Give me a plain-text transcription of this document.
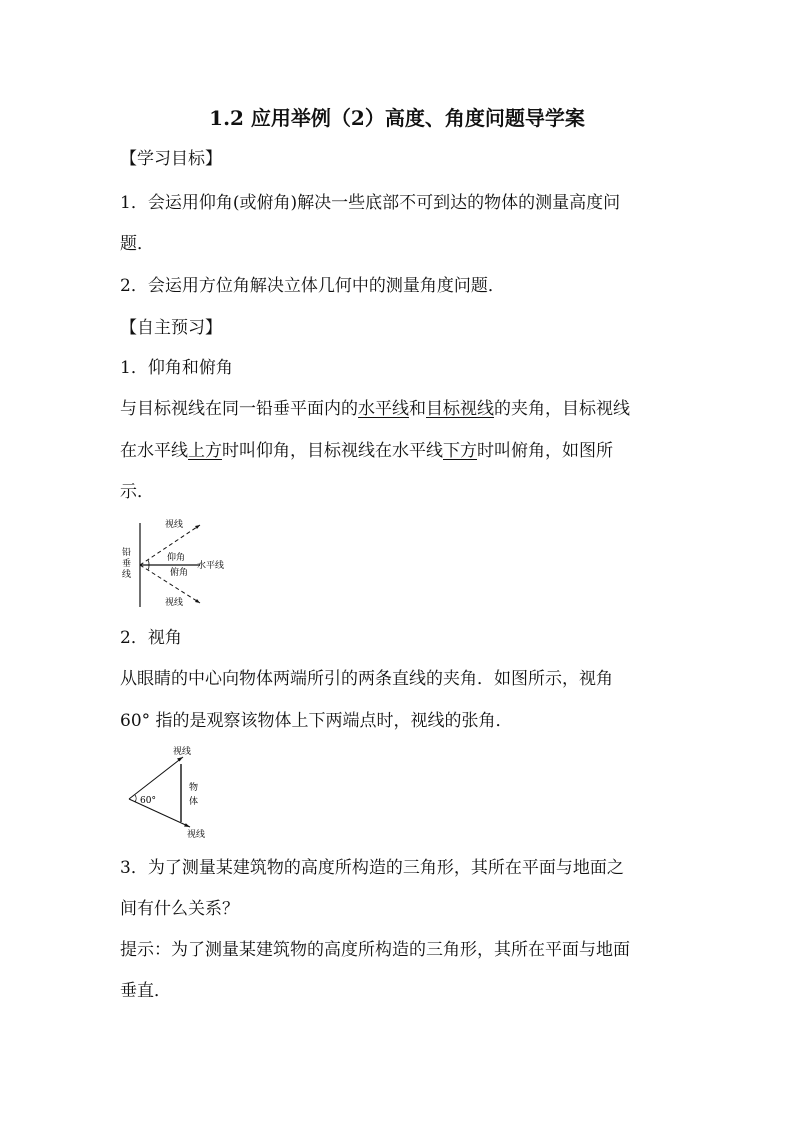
1.2 应用举例（2）高度、角度问题导学案
【学习目标】
1．会运用仰角(或俯角)解决一些底部不可到达的物体的测量高度问
题．
2．会运用方位角解决立体几何中的测量角度问题．
【自主预习】
1．仰角和俯角
与目标视线在同一铅垂平面内的水平线和目标视线的夹角，目标视线
在水平线上方时叫仰角，目标视线在水平线下方时叫俯角，如图所
示．
铅
垂
线
视线
仰角
俯角
水平线
视线
2．视角
从眼睛的中心向物体两端所引的两条直线的夹角．如图所示，视角
60° 指的是观察该物体上下两端点时，视线的张角．
视线
物
体
60°
视线
3．为了测量某建筑物的高度所构造的三角形，其所在平面与地面之
间有什么关系？
提示：为了测量某建筑物的高度所构造的三角形，其所在平面与地面
垂直．
